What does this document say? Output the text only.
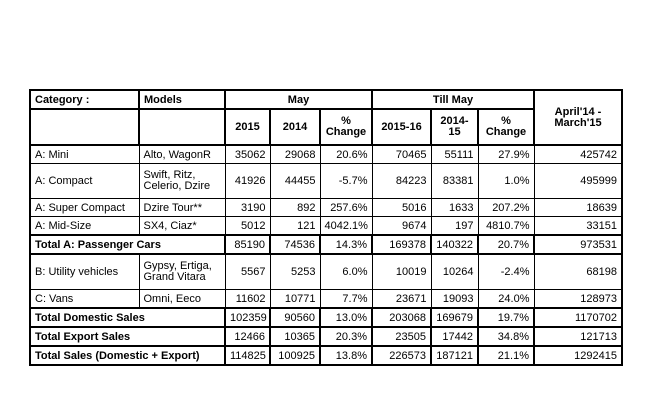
Category :	Models	May			Till May			April'14 - March'15
		2015	2014	% Change	2015-16	2014-15	% Change	
A: Mini	Alto, WagonR	35062	29068	20.6%	70465	55111	27.9%	425742
A: Compact	Swift, Ritz, Celerio, Dzire	41926	44455	-5.7%	84223	83381	1.0%	495999
A: Super Compact	Dzire Tour**	3190	892	257.6%	5016	1633	207.2%	18639
A: Mid-Size	SX4, Ciaz*	5012	121	4042.1%	9674	197	4810.7%	33151
Total A: Passenger Cars		85190	74536	14.3%	169378	140322	20.7%	973531
B: Utility vehicles	Gypsy, Ertiga, Grand Vitara	5567	5253	6.0%	10019	10264	-2.4%	68198
C: Vans	Omni, Eeco	11602	10771	7.7%	23671	19093	24.0%	128973
Total Domestic Sales		102359	90560	13.0%	203068	169679	19.7%	1170702
Total Export Sales		12466	10365	20.3%	23505	17442	34.8%	121713
Total Sales (Domestic + Export)		114825	100925	13.8%	226573	187121	21.1%	1292415
